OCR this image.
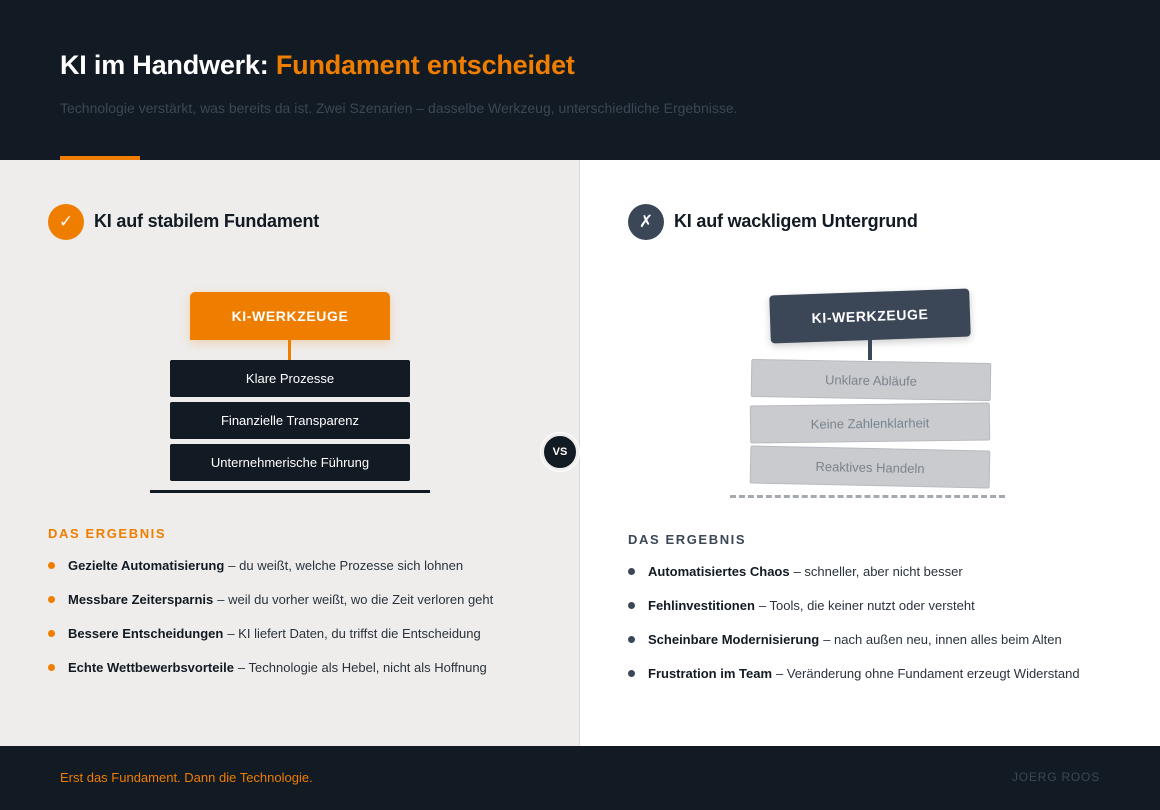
KI im Handwerk: Fundament entscheidet
Technologie verstärkt, was bereits da ist. Zwei Szenarien – dasselbe Werkzeug, unterschiedliche Ergebnisse.
✓	KI auf stabilem Fundament
KI-WERKZEUGE
Klare Prozesse
Finanzielle Transparenz
Unternehmerische Führung
DAS ERGEBNIS
Gezielte Automatisierung – du weißt, welche Prozesse sich lohnen
Messbare Zeitersparnis – weil du vorher weißt, wo die Zeit verloren geht
Bessere Entscheidungen – KI liefert Daten, du triffst die Entscheidung
Echte Wettbewerbsvorteile – Technologie als Hebel, nicht als Hoffnung
VS
✗	KI auf wackligem Untergrund
KI-WERKZEUGE
Unklare Abläufe
Keine Zahlenklarheit
Reaktives Handeln
DAS ERGEBNIS
Automatisiertes Chaos – schneller, aber nicht besser
Fehlinvestitionen – Tools, die keiner nutzt oder versteht
Scheinbare Modernisierung – nach außen neu, innen alles beim Alten
Frustration im Team – Veränderung ohne Fundament erzeugt Widerstand
Erst das Fundament. Dann die Technologie.	JOERG ROOS
